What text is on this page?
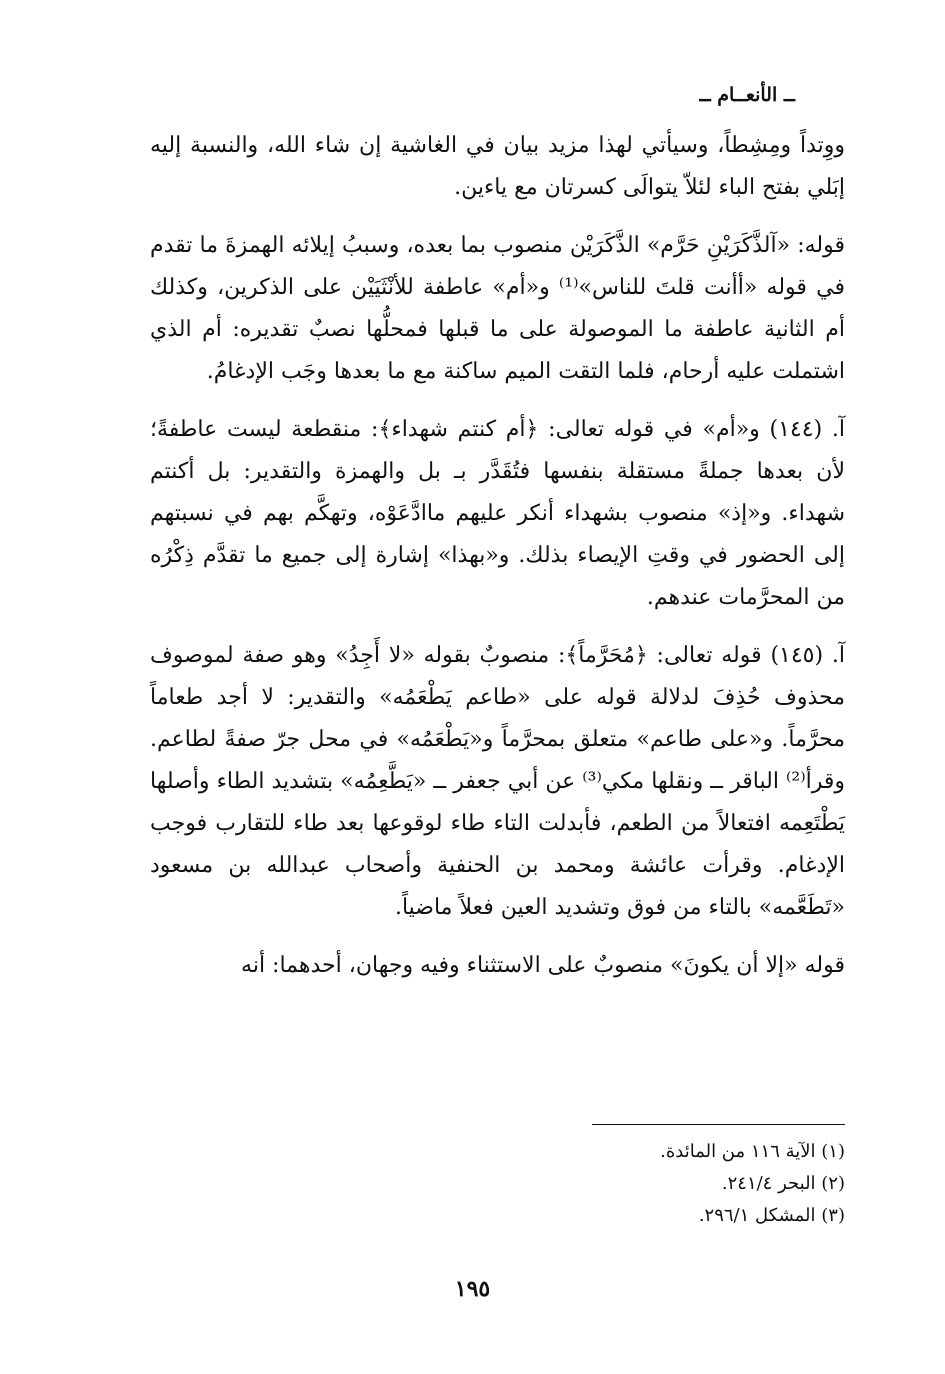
ــ الأنعــام ــ

ووِتداً ومِشِطاً، وسيأتي لهذا مزيد بيان في الغاشية إن شاء الله، والنسبة إليه إبَلي بفتح الباء لئلاّ يتوالَى كسرتان مع ياءين.

قوله: «آلذَّكَرَيْنِ حَرَّم» الذَّكَرَيْن منصوب بما بعده، وسببُ إيلائه الهمزةَ ما تقدم في قوله «أأنت قلتَ للناس»⁽¹⁾ و«أم» عاطفة للأنْثَيَيْن على الذكرين، وكذلك أم الثانية عاطفة ما الموصولة على ما قبلها فمحلُّها نصبٌ تقديره: أم الذي اشتملت عليه أرحام، فلما التقت الميم ساكنة مع ما بعدها وجَب الإدغامُ.

آ. (١٤٤) و«أم» في قوله تعالى: ﴿أم كنتم شهداء﴾: منقطعة ليست عاطفةً؛ لأن بعدها جملةً مستقلة بنفسها فتُقَدَّر بـ بل والهمزة والتقدير: بل أكنتم شهداء. و«إذ» منصوب بشهداء أنكر عليهم ماادَّعَوْه، وتهكَّم بهم في نسبتهم إلى الحضور في وقتِ الإيصاء بذلك. و«بهذا» إشارة إلى جميع ما تقدَّم ذِكْرُه من المحرَّمات عندهم.

آ. (١٤٥) قوله تعالى: ﴿مُحَرَّماً﴾: منصوبٌ بقوله «لا أَجِدُ» وهو صفة لموصوف محذوف حُذِفَ لدلالة قوله على «طاعم يَطْعَمُه» والتقدير: لا أجد طعاماً محرَّماً. و«على طاعم» متعلق بمحرَّماً و«يَطْعَمُه» في محل جرّ صفةً لطاعم. وقرأ⁽²⁾ الباقر ــ ونقلها مكي⁽³⁾ عن أبي جعفر ــ «يَطَّعِمُه» بتشديد الطاء وأصلها يَطْتَعِمه افتعالاً من الطعم، فأبدلت التاء طاء لوقوعها بعد طاء للتقارب فوجب الإدغام. وقرأت عائشة ومحمد بن الحنفية وأصحاب عبدالله بن مسعود «تَطَعَّمه» بالتاء من فوق وتشديد العين فعلاً ماضياً.

قوله «إلا أن يكونَ» منصوبٌ على الاستثناء وفيه وجهان، أحدهما: أنه

(١) الآية ١١٦ من المائدة.
(٢) البحر ٢٤١/٤.
(٣) المشكل ٢٩٦/١.
١٩٥
